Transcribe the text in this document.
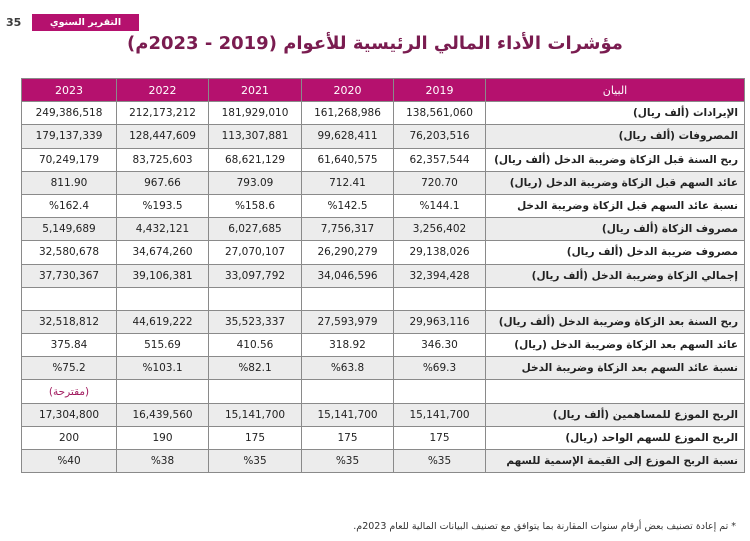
35	التقرير السنوي 2023م	مؤشرات الأداء المالي الرئيسية للأعوام (2019 - 2023م)
البيان	2019	2020	2021	2022	2023
الإيرادات (ألف ريال)	138,561,060	161,268,986	181,929,010	212,173,212	249,386,518
المصروفات (ألف ريال)	76,203,516	99,628,411	113,307,881	128,447,609	179,137,339
ربح السنة قبل الزكاة وضريبة الدخل (ألف ريال)	62,357,544	61,640,575	68,621,129	83,725,603	70,249,179
عائد السهم قبل الزكاة وضريبة الدخل (ريال)	720.70	712.41	793.09	967.66	811.90
نسبة عائد السهم قبل الزكاة وضريبة الدخل	%144.1	%142.5	%158.6	%193.5	%162.4
مصروف الزكاة (ألف ريال)	3,256,402	7,756,317	6,027,685	4,432,121	5,149,689
مصروف ضريبة الدخل (ألف ريال)	29,138,026	26,290,279	27,070,107	34,674,260	32,580,678
إجمالي الزكاة وضريبة الدخل (ألف ريال)	32,394,428	34,046,596	33,097,792	39,106,381	37,730,367

ربح السنة بعد الزكاة وضريبة الدخل (ألف ريال)	29,963,116	27,593,979	35,523,337	44,619,222	32,518,812
عائد السهم بعد الزكاة وضريبة الدخل (ريال)	346.30	318.92	410.56	515.69	375.84
نسبة عائد السهم بعد الزكاة وضريبة الدخل	%69.3	%63.8	%82.1	%103.1	%75.2
					(مقترحة)
الربح الموزع للمساهمين (ألف ريال)	15,141,700	15,141,700	15,141,700	16,439,560	17,304,800
الربح الموزع للسهم الواحد (ريال)	175	175	175	190	200
نسبة الربح الموزع إلى القيمة الإسمية للسهم	%35	%35	%35	%38	%40
* تم إعادة تصنيف بعض أرقام سنوات المقارنة بما يتوافق مع تصنيف البيانات المالية للعام 2023م.
